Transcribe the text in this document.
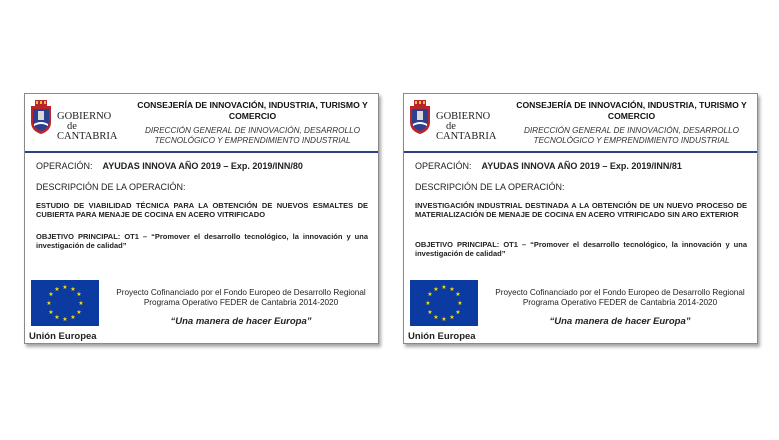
GOBIERNO
de
CANTABRIA
CONSEJERÍA DE INNOVACIÓN, INDUSTRIA, TURISMO Y COMERCIO
DIRECCIÓN GENERAL DE INNOVACIÓN, DESARROLLO TECNOLÓGICO Y EMPRENDIMIENTO INDUSTRIAL
OPERACIÓN: AYUDAS INNOVA AÑO 2019 – Exp. 2019/INN/80
DESCRIPCIÓN DE LA OPERACIÓN:
ESTUDIO DE VIABILIDAD TÉCNICA PARA LA OBTENCIÓN DE NUEVOS ESMALTES DE CUBIERTA PARA MENAJE DE COCINA EN ACERO VITRIFICADO
OBJETIVO PRINCIPAL: OT1 – “Promover el desarrollo tecnológico, la innovación y una investigación de calidad”
★ ★
★
★
★
★
★
★
★
★
★
★
Unión Europea
Proyecto Cofinanciado por el Fondo Europeo de Desarrollo Regional
Programa Operativo FEDER de Cantabria 2014-2020
“Una manera de hacer Europa”
GOBIERNO
de
CANTABRIA
CONSEJERÍA DE INNOVACIÓN, INDUSTRIA, TURISMO Y COMERCIO
DIRECCIÓN GENERAL DE INNOVACIÓN, DESARROLLO TECNOLÓGICO Y EMPRENDIMIENTO INDUSTRIAL
OPERACIÓN: AYUDAS INNOVA AÑO 2019 – Exp. 2019/INN/81
DESCRIPCIÓN DE LA OPERACIÓN:
INVESTIGACIÓN INDUSTRIAL DESTINADA A LA OBTENCIÓN DE UN NUEVO PROCESO DE MATERIALIZACIÓN DE MENAJE DE COCINA EN ACERO VITRIFICADO SIN ARO EXTERIOR
OBJETIVO PRINCIPAL: OT1 – “Promover el desarrollo tecnológico, la innovación y una investigación de calidad”
★ ★
★
★
★
★
★
★
★
★
★
★
Unión Europea
Proyecto Cofinanciado por el Fondo Europeo de Desarrollo Regional
Programa Operativo FEDER de Cantabria 2014-2020
“Una manera de hacer Europa”
